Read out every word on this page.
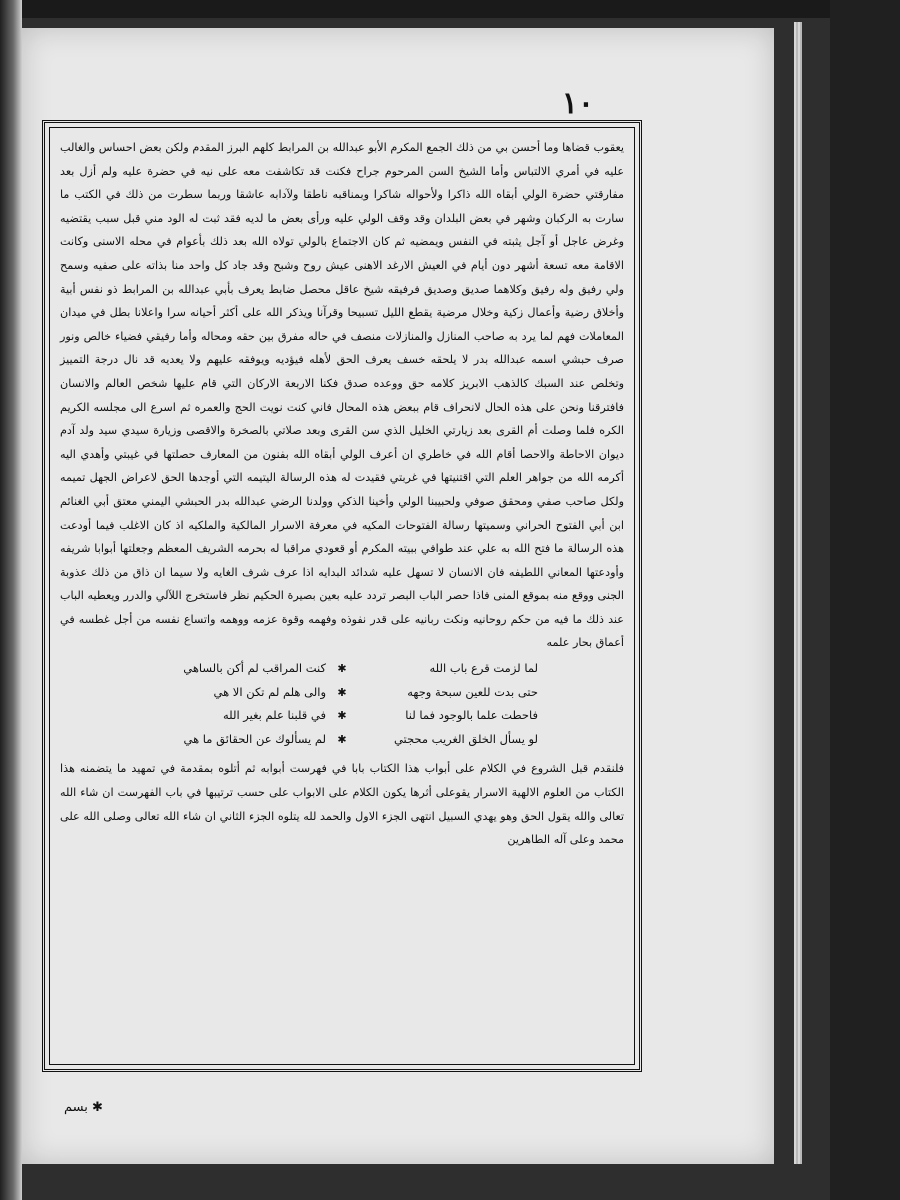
١٠

يعقوب قضاها وما أحسن بي من ذلك الجمع المكرم الأبو عبدالله بن المرابط كلهم البرز المقدم ولكن بعض احساس والغالب عليه في أمري الالتباس وأما الشيخ السن المرحوم جراح فكنت قد تكاشفت معه على نيه في حضرة عليه ولم أزل بعد مفارقتي حضرة الولي أبقاه الله ذاكرا ولأحواله شاكرا وبمناقبه ناطقا ولآدابه عاشقا وربما سطرت من ذلك في الكتب ما سارت به الركبان وشهر في بعض البلدان وقد وقف الولي عليه ورأى بعض ما لديه فقد ثبت له الود مني قبل سبب يقتضيه وغرض عاجل أو آجل يثبته في النفس ويمضيه ثم كان الاجتماع بالولي تولاه الله بعد ذلك بأعوام في محله الاسنى وكانت الاقامة معه تسعة أشهر دون أيام في العيش الارغد الاهنى عيش روح وشبح وقد جاد كل واحد منا بذاته على صفيه وسمح ولي رفيق وله رفيق وكلاهما صديق وصديق فرفيقه شيخ عاقل محصل ضابط يعرف بأبي عبدالله بن المرابط ذو نفس أبية وأخلاق رضية وأعمال زكية وخلال مرضية يقطع الليل تسبيحا وقرآنا ويذكر الله على أكثر أحيانه سرا واعلانا بطل في ميدان المعاملات فهم لما يرد به صاحب المنازل والمنازلات منصف في حاله مفرق بين حقه ومحاله وأما رفيقي فضياء خالص ونور صرف حبشي اسمه عبدالله بدر لا يلحقه خسف يعرف الحق لأهله فيؤديه ويوفقه عليهم ولا يعديه قد نال درجة التمييز وتخلص عند السبك كالذهب الابريز كلامه حق ووعده صدق فكنا الاربعة الاركان التي قام عليها شخص العالم والانسان فافترقنا ونحن على هذه الحال لانحراف قام ببعض هذه المحال فاني كنت نويت الحج والعمره ثم اسرع الى مجلسه الكريم الكره فلما وصلت أم القرى بعد زيارتي الخليل الذي سن القرى وبعد صلاتي بالصخرة والاقصى وزيارة سيدي سيد ولد آدم ديوان الاحاطة والاحصا أقام الله في خاطري ان أعرف الولي أبقاه الله بفنون من المعارف حصلتها في غيبتي وأهدي اليه أكرمه الله من جواهر العلم التي اقتنيتها في غربتي فقيدت له هذه الرسالة اليتيمه التي أوجدها الحق لاعراض الجهل تميمه ولكل صاحب صفي ومحقق صوفي ولحبيبنا الولي وأخينا الذكي وولدنا الرضي عبدالله بدر الحبشي اليمني معتق أبي الغنائم ابن أبي الفتوح الحراني وسميتها رسالة الفتوحات المكيه في معرفة الاسرار المالكية والملكيه اذ كان الاغلب فيما أودعت هذه الرسالة ما فتح الله به علي عند طوافي ببيته المكرم أو قعودي مراقبا له بحرمه الشريف المعظم وجعلتها أبوابا شريفه وأودعتها المعاني اللطيفه فان الانسان لا تسهل عليه شدائد البدايه اذا عرف شرف الغايه ولا سيما ان ذاق من ذلك عذوبة الجنى ووقع منه بموقع المنى فاذا حصر الباب البصر تردد عليه بعين بصيرة الحكيم نظر فاستخرج اللآلي والدرر ويعطيه الباب عند ذلك ما فيه من حكم روحانيه ونكت ربانيه على قدر نفوذه وفهمه وقوة عزمه ووهمه واتساع نفسه من أجل غطسه في أعماق بحار علمه

لما لزمت قرع باب الله
✱
كنت المراقب لم أكن بالساهي
حتى بدت للعين سبحة وجهه
✱
والى هلم لم تكن الا هي
فاحطت علما بالوجود فما لنا
✱
في قلبنا علم بغير الله
لو يسأل الخلق الغريب محجتي
✱
لم يسألوك عن الحقائق ما هي

فلنقدم قبل الشروع في الكلام على أبواب هذا الكتاب بابا في فهرست أبوابه ثم أتلوه بمقدمة في تمهيد ما يتضمنه هذا الكتاب من العلوم الالهية الاسرار يقوعلى أثرها يكون الكلام على الابواب على حسب ترتيبها في باب الفهرست ان شاء الله تعالى والله يقول الحق وهو يهدي السبيل انتهى الجزء الاول والحمد لله يتلوه الجزء الثاني ان شاء الله تعالى وصلى الله على محمد وعلى آله الطاهرين

✱ بسم
